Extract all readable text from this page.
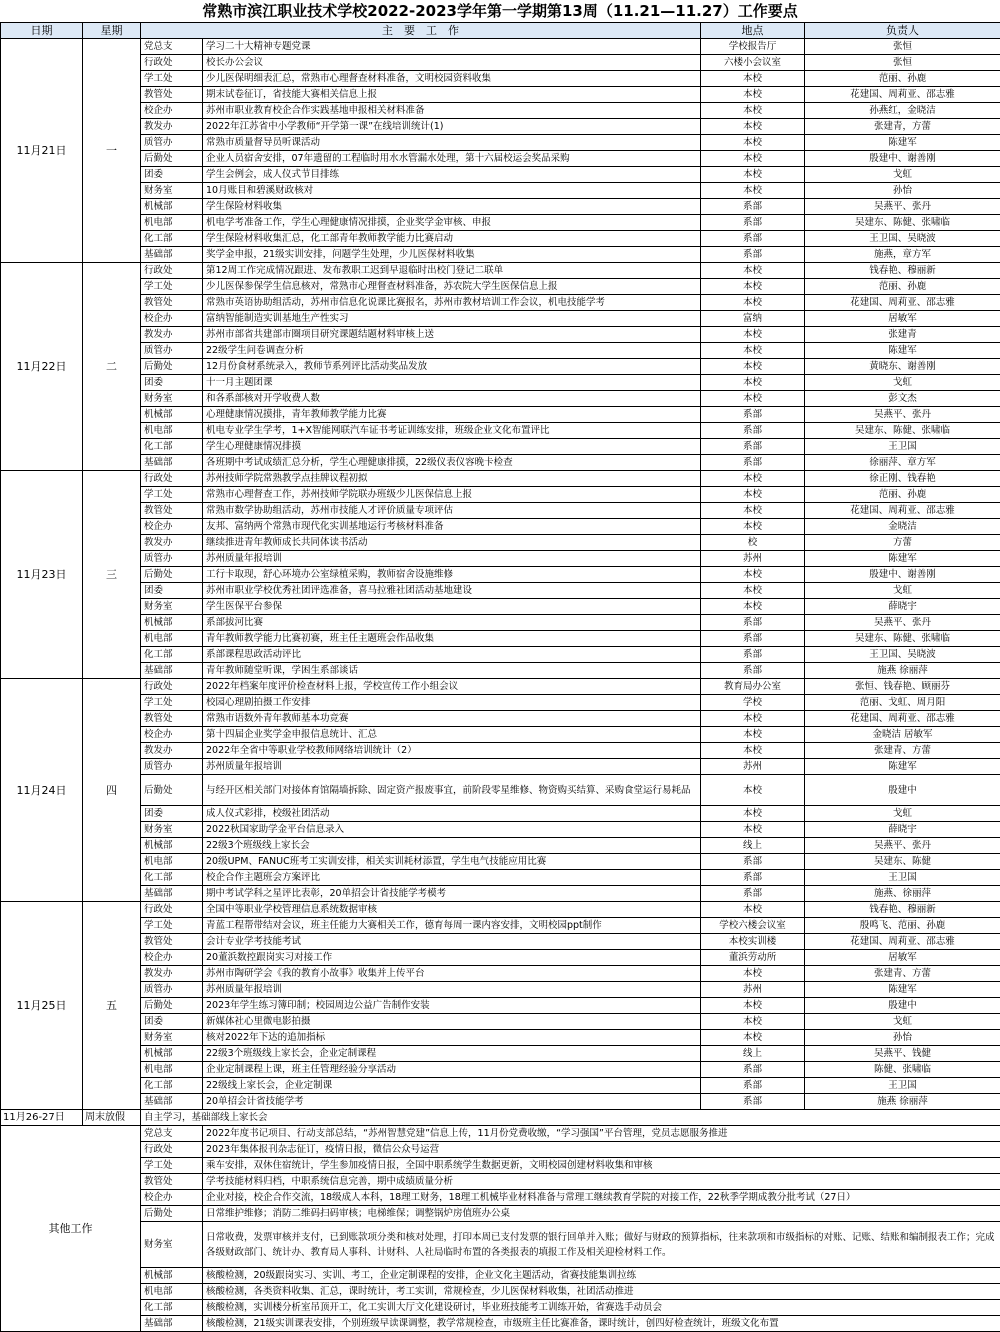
常熟市滨江职业技术学校2022-2023学年第一学期第13周（11.21—11.27）工作要点
日期	星期	主　要　工　作		地点	负责人
11月21日	一	党总支	学习二十大精神专题党课	学校报告厅	张恒
		行政处	校长办公会议	六楼小会议室	张恒
		学工处	少儿医保明细表汇总，常熟市心理督查材料准备，文明校园资料收集	本校	范丽、孙鹿
		教管处	期末试卷征订，省技能大赛相关信息上报	本校	花建国、周莉亚、邵志雅
		校企办	苏州市职业教育校企合作实践基地申报相关材料准备	本校	孙燕红，金晓洁
		教发办	2022年江苏省中小学教师“开学第一课”在线培训统计(1)	本校	张建青，方蕾
		质管办	常熟市质量督导员听课活动	本校	陈建军
		后勤处	企业人员宿舍安排，07年遗留的工程临时用水水管漏水处理，第十六届校运会奖品采购	本校	殷建中、谢善刚
		团委	学生会例会，成人仪式节目排练	本校	戈虹
		财务室	10月账目和碧溪财政核对	本校	孙怡
		机械部	学生保险材料收集	系部	吴燕平、张丹
		机电部	机电学考准备工作，学生心理健康情况排摸，企业奖学金审核、申报	系部	吴建东、陈健、张啸临
		化工部	学生保险材料收集汇总，化工部青年教师教学能力比赛启动	系部	王卫国、吴晓波
		基础部	奖学金申报，21级实训安排，问题学生处理，少儿医保材料收集	系部	施燕，章方军
11月22日	二	行政处	第12周工作完成情况跟进、发布教职工迟到早退临时出校门登记二联单	本校	钱春艳、穆丽新
		学工处	少儿医保参保学生信息核对，常熟市心理督查材料准备，苏农院大学生医保信息上报	本校	范丽、孙鹿
		教管处	常熟市英语协助组活动，苏州市信息化说课比赛报名，苏州市教材培训工作会议，机电技能学考	本校	花建国、周莉亚、邵志雅
		校企办	富纳智能制造实训基地生产性实习	富纳	居敏军
		教发办	苏州市部省共建部市圈项目研究课题结题材料审核上送	本校	张建青
		质管办	22级学生问卷调查分析	本校	陈建军
		后勤处	12月份食材系统录入，教师节系列评比活动奖品发放	本校	黄晓东、谢善刚
		团委	十一月主题团课	本校	戈虹
		财务室	和各系部核对开学收费人数	本校	彭文杰
		机械部	心理健康情况摸排，青年教师教学能力比赛	系部	吴燕平、张丹
		机电部	机电专业学生学考，1+X智能网联汽车证书考证训练安排，班级企业文化布置评比	系部	吴建东、陈健、张啸临
		化工部	学生心理健康情况排摸	系部	王卫国
		基础部	各班期中考试成绩汇总分析，学生心理健康排摸，22级仪表仪容晚卡检查	系部	徐丽萍、章方军
11月23日	三	行政处	苏州技师学院常熟教学点挂牌议程初拟	本校	徐正刚、钱春艳
		学工处	常熟市心理督查工作，苏州技师学院联办班级少儿医保信息上报	本校	范丽、孙鹿
		教管处	常熟市数学协助组活动，苏州市技能人才评价质量专项评估	本校	花建国、周莉亚、邵志雅
		校企办	友邦、富纳两个常熟市现代化实训基地运行考核材料准备	本校	金晓洁
		教发办	继续推进青年教师成长共同体读书活动	校	方蕾
		质管办	苏州质量年报培训	苏州	陈建军
		后勤处	工行卡取现，舒心环境办公室绿植采购，教师宿舍设施维修	本校	殷建中、谢善刚
		团委	苏州市职业学校优秀社团评选准备，喜马拉雅社团活动基地建设	本校	戈虹
		财务室	学生医保平台参保	本校	薛晓宇
		机械部	系部拔河比赛	系部	吴燕平、张丹
		机电部	青年教师教学能力比赛初赛，班主任主题班会作品收集	系部	吴建东、陈健、张啸临
		化工部	系部课程思政活动评比	系部	王卫国、吴晓波
		基础部	青年教师随堂听课，学困生系部谈话	系部	施燕 徐丽萍
11月24日	四	行政处	2022年档案年度评价检查材料上报，学校宣传工作小组会议	教育局办公室	张恒、钱春艳、顾丽芬
		学工处	校园心理剧拍摄工作安排	学校	范丽、戈虹、周月阳
		教管处	常熟市语数外青年教师基本功竞赛	本校	花建国、周莉亚、邵志雅
		校企办	第十四届企业奖学金申报信息统计、汇总	本校	金晓洁 居敏军
		教发办	2022年全省中等职业学校教师网络培训统计（2）	本校	张建青、方蕾
		质管办	苏州质量年报培训	苏州	陈建军
		后勤处	与经开区相关部门对接体育馆隔墙拆除、固定资产报废事宜，前阶段零星维修、物资购买结算、采购食堂运行易耗品	本校	殷建中
		团委	成人仪式彩排，校级社团活动	本校	戈虹
		财务室	2022秋国家助学金平台信息录入	本校	薛晓宇
		机械部	22级3个班级线上家长会	线上	吴燕平、张丹
		机电部	20级UPM、FANUC班考工实训安排，相关实训耗材添置，学生电气技能应用比赛	系部	吴建东、陈健
		化工部	校企合作主题班会方案评比	系部	王卫国
		基础部	期中考试学科之星评比表彰，20单招会计省技能学考模考	系部	施燕、徐丽萍
11月25日	五	行政处	全国中等职业学校管理信息系统数据审核	本校	钱春艳、穆丽新
		学工处	青蓝工程帮带结对会议，班主任能力大赛相关工作，德育每周一课内容安排，文明校园ppt制作	学校六楼会议室	殷鸣飞、范丽、孙鹿
		教管处	会计专业学考技能考试	本校实训楼	花建国、周莉亚、邵志雅
		校企办	20董浜数控跟岗实习对接工作	董浜劳动所	居敏军
		教发办	苏州市陶研学会《我的教育小故事》收集并上传平台	本校	张建青、方蕾
		质管办	苏州质量年报培训	苏州	陈建军
		后勤处	2023年学生练习簿印制；校园周边公益广告制作安装	本校	殷建中
		团委	新媒体社心里微电影拍摄	本校	戈虹
		财务室	核对2022年下达的追加指标	本校	孙怡
		机械部	22级3个班级线上家长会，企业定制课程	线上	吴燕平、钱健
		机电部	企业定制课程上课，班主任管理经验分享活动	系部	陈健、张啸临
		化工部	22级线上家长会，企业定制课	系部	王卫国
		基础部	20单招会计省技能学考	系部	施燕 徐丽萍
11月26-27日	周末放假	自主学习，基础部线上家长会			
其他工作		党总支	2022年度书记项目、行动支部总结，“苏州智慧党建”信息上传，11月份党费收缴，“学习强国”平台管理，党员志愿服务推进		
		行政处	2023年集体报刊杂志征订，疫情日报，微信公众号运营		
		学工处	乘车安排，双休住宿统计，学生参加疫情日报，全国中职系统学生数据更新，文明校园创建材料收集和审核		
		教管处	学考技能材料归档，中职系统信息完善，期中成绩质量分析		
		校企办	企业对接，校企合作交流，18级成人本科，18理工财务，18理工机械毕业材料准备与常理工继续教育学院的对接工作，22秋季学期成教分批考试（27日）		
		后勤处	日常维护维修；消防二维码扫码审核；电梯维保；调整锅炉房值班办公桌		
		财务室	日常收费，发票审核并支付，已到账款项分类和核对处理，打印本周已支付发票的银行回单并入账；做好与财政的预算指标，往来款项和市级指标的对账、记账、结账和编制报表工作；完成各级财政部门、统计办、教育局人事科、计财科、人社局临时布置的各类报表的填报工作及相关迎检材料工作。		
		机械部	核酸检测，20级跟岗实习、实训、考工，企业定制课程的安排，企业文化主题活动，省赛技能集训拉练		
		机电部	核酸检测，各类资料收集、汇总，课时统计，考工实训，常规检查，少儿医保材料收集，社团活动推进		
		化工部	核酸检测，实训楼分析室吊顶开工，化工实训大厅文化建设研讨，毕业班技能考工训练开始，省赛选手动员会		
		基础部	核酸检测，21级实训课表安排，个别班级早读课调整，教学常规检查，市级班主任比赛准备，课时统计，创四好检查统计，班级文化布置		
